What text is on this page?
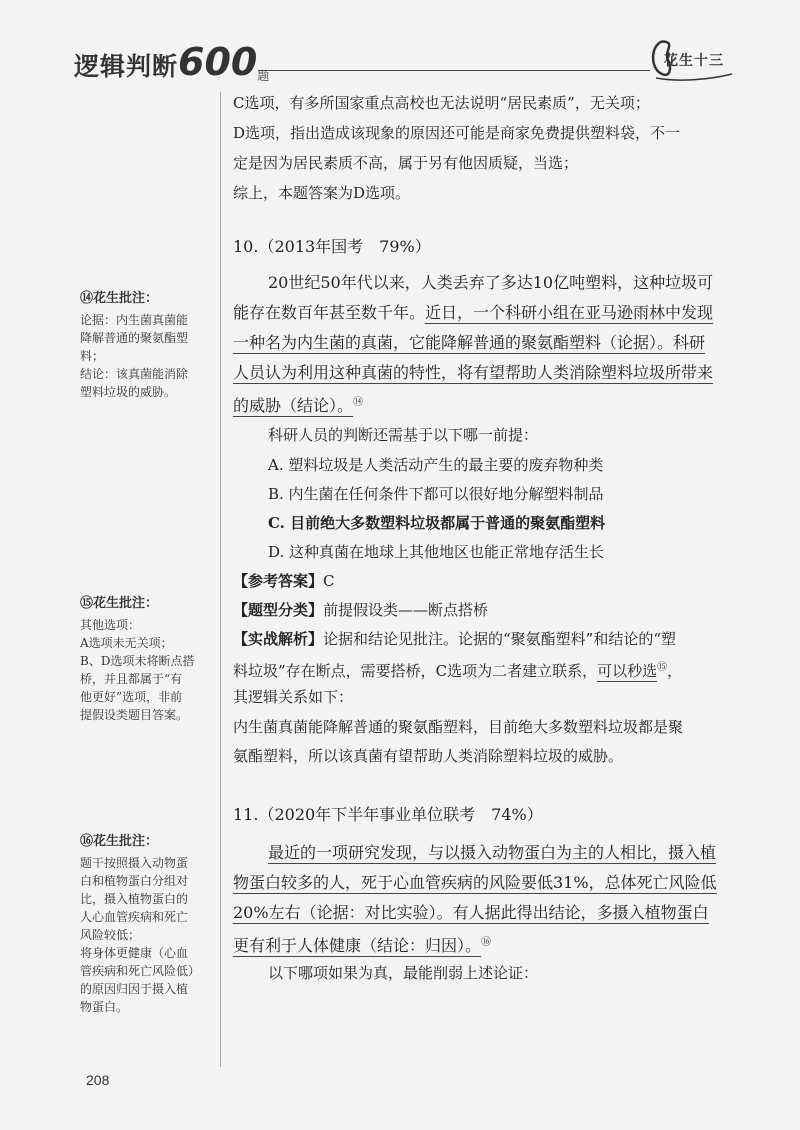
逻辑判断600题
花生十三
C选项，有多所国家重点高校也无法说明“居民素质”，无关项；
D选项，指出造成该现象的原因还可能是商家免费提供塑料袋，不一
定是因为居民素质不高，属于另有他因质疑，当选；
综上，本题答案为D选项。
10.（2013年国考　79%）
20世纪50年代以来，人类丢弃了多达10亿吨塑料，这种垃圾可
能存在数百年甚至数千年。近日，一个科研小组在亚马逊雨林中发现
一种名为内生菌的真菌，它能降解普通的聚氨酯塑料（论据）。科研
人员认为利用这种真菌的特性，将有望帮助人类消除塑料垃圾所带来
的威胁（结论）。⑭
科研人员的判断还需基于以下哪一前提：
A. 塑料垃圾是人类活动产生的最主要的废弃物种类
B. 内生菌在任何条件下都可以很好地分解塑料制品
C. 目前绝大多数塑料垃圾都属于普通的聚氨酯塑料
D. 这种真菌在地球上其他地区也能正常地存活生长
【参考答案】C
【题型分类】前提假设类——断点搭桥
【实战解析】论据和结论见批注。论据的“聚氨酯塑料”和结论的“塑
料垃圾”存在断点，需要搭桥，C选项为二者建立联系，可以秒选⑮，
其逻辑关系如下：
内生菌真菌能降解普通的聚氨酯塑料，目前绝大多数塑料垃圾都是聚
氨酯塑料，所以该真菌有望帮助人类消除塑料垃圾的威胁。
11.（2020年下半年事业单位联考　74%）
最近的一项研究发现，与以摄入动物蛋白为主的人相比，摄入植
物蛋白较多的人，死于心血管疾病的风险要低31%，总体死亡风险低
20%左右（论据：对比实验）。有人据此得出结论，多摄入植物蛋白
更有利于人体健康（结论：归因）。⑯
以下哪项如果为真，最能削弱上述论证：
⑭花生批注：
论据：内生菌真菌能
降解普通的聚氨酯塑
料；
结论：该真菌能消除
塑料垃圾的威胁。
⑮花生批注：
其他选项：
A选项未无关项；
B、D选项未将断点搭
桥，并且都属于“有
他更好”选项，非前
提假设类题目答案。
⑯花生批注：
题干按照摄入动物蛋
白和植物蛋白分组对
比，摄入植物蛋白的
人心血管疾病和死亡
风险较低；
将身体更健康（心血
管疾病和死亡风险低）
的原因归因于摄入植
物蛋白。
208
